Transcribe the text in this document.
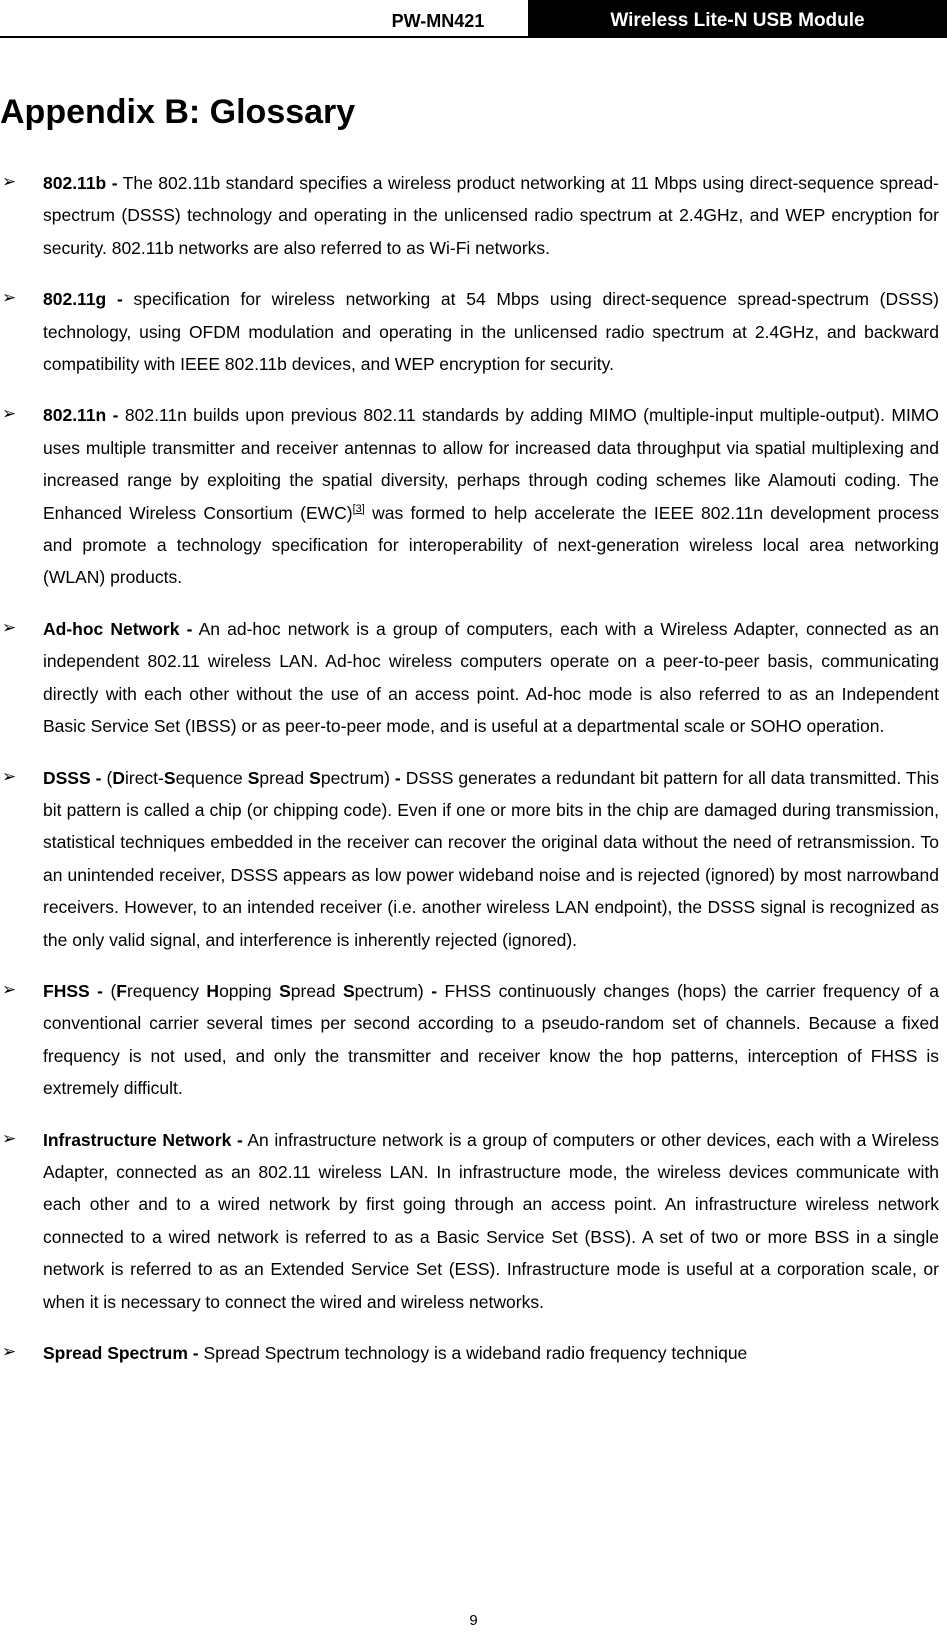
PW-MN421	Wireless Lite-N USB Module
Appendix B: Glossary
➢ 802.11b - The 802.11b standard specifies a wireless product networking at 11 Mbps using direct-sequence spread-spectrum (DSSS) technology and operating in the unlicensed radio spectrum at 2.4GHz, and WEP encryption for security. 802.11b networks are also referred to as Wi-Fi networks.

➢ 802.11g - specification for wireless networking at 54 Mbps using direct-sequence spread-spectrum (DSSS) technology, using OFDM modulation and operating in the unlicensed radio spectrum at 2.4GHz, and backward compatibility with IEEE 802.11b devices, and WEP encryption for security.

➢ 802.11n - 802.11n builds upon previous 802.11 standards by adding MIMO (multiple-input multiple-output). MIMO uses multiple transmitter and receiver antennas to allow for increased data throughput via spatial multiplexing and increased range by exploiting the spatial diversity, perhaps through coding schemes like Alamouti coding. The Enhanced Wireless Consortium (EWC)[3] was formed to help accelerate the IEEE 802.11n development process and promote a technology specification for interoperability of next-generation wireless local area networking (WLAN) products.

➢ Ad-hoc Network - An ad-hoc network is a group of computers, each with a Wireless Adapter, connected as an independent 802.11 wireless LAN. Ad-hoc wireless computers operate on a peer-to-peer basis, communicating directly with each other without the use of an access point. Ad-hoc mode is also referred to as an Independent Basic Service Set (IBSS) or as peer-to-peer mode, and is useful at a departmental scale or SOHO operation.

➢ DSSS - (Direct-Sequence Spread Spectrum) - DSSS generates a redundant bit pattern for all data transmitted. This bit pattern is called a chip (or chipping code). Even if one or more bits in the chip are damaged during transmission, statistical techniques embedded in the receiver can recover the original data without the need of retransmission. To an unintended receiver, DSSS appears as low power wideband noise and is rejected (ignored) by most narrowband receivers. However, to an intended receiver (i.e. another wireless LAN endpoint), the DSSS signal is recognized as the only valid signal, and interference is inherently rejected (ignored).

➢ FHSS - (Frequency Hopping Spread Spectrum) - FHSS continuously changes (hops) the carrier frequency of a conventional carrier several times per second according to a pseudo-random set of channels. Because a fixed frequency is not used, and only the transmitter and receiver know the hop patterns, interception of FHSS is extremely difficult.

➢ Infrastructure Network - An infrastructure network is a group of computers or other devices, each with a Wireless Adapter, connected as an 802.11 wireless LAN. In infrastructure mode, the wireless devices communicate with each other and to a wired network by first going through an access point. An infrastructure wireless network connected to a wired network is referred to as a Basic Service Set (BSS). A set of two or more BSS in a single network is referred to as an Extended Service Set (ESS). Infrastructure mode is useful at a corporation scale, or when it is necessary to connect the wired and wireless networks.

➢ Spread Spectrum - Spread Spectrum technology is a wideband radio frequency technique

9
